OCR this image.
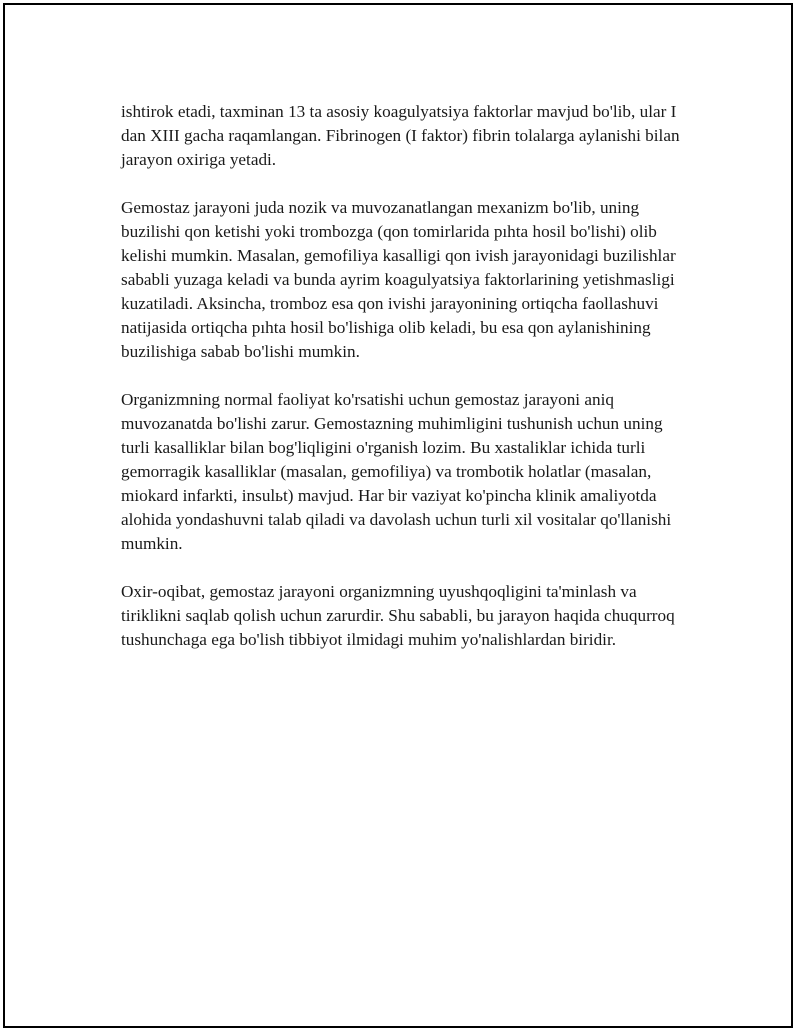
ishtirok etadi, taxminan 13 ta asosiy koagulyatsiya faktorlar mavjud bo'lib, ular I dan XIII gacha raqamlangan. Fibrinogen (I faktor) fibrin tolalarga aylanishi bilan jarayon oxiriga yetadi.

Gemostaz jarayoni juda nozik va muvozanatlangan mexanizm bo'lib, uning buzilishi qon ketishi yoki trombozga (qon tomirlarida pıhta hosil bo'lishi) olib kelishi mumkin. Masalan, gemofiliya kasalligi qon ivish jarayonidagi buzilishlar sababli yuzaga keladi va bunda ayrim koagulyatsiya faktorlarining yetishmasligi kuzatiladi. Aksincha, tromboz esa qon ivishi jarayonining ortiqcha faollashuvi natijasida ortiqcha pıhta hosil bo'lishiga olib keladi, bu esa qon aylanishining buzilishiga sabab bo'lishi mumkin.

Organizmning normal faoliyat ko'rsatishi uchun gemostaz jarayoni aniq muvozanatda bo'lishi zarur. Gemostazning muhimligini tushunish uchun uning turli kasalliklar bilan bog'liqligini o'rganish lozim. Bu xastaliklar ichida turli gemorragik kasalliklar (masalan, gemofiliya) va trombotik holatlar (masalan, miokard infarkti, insulьt) mavjud. Har bir vaziyat ko'pincha klinik amaliyotda alohida yondashuvni talab qiladi va davolash uchun turli xil vositalar qo'llanishi mumkin.

Oxir-oqibat, gemostaz jarayoni organizmning uyushqoqligini ta'minlash va tiriklikni saqlab qolish uchun zarurdir. Shu sababli, bu jarayon haqida chuqurroq tushunchaga ega bo'lish tibbiyot ilmidagi muhim yo'nalishlardan biridir.
